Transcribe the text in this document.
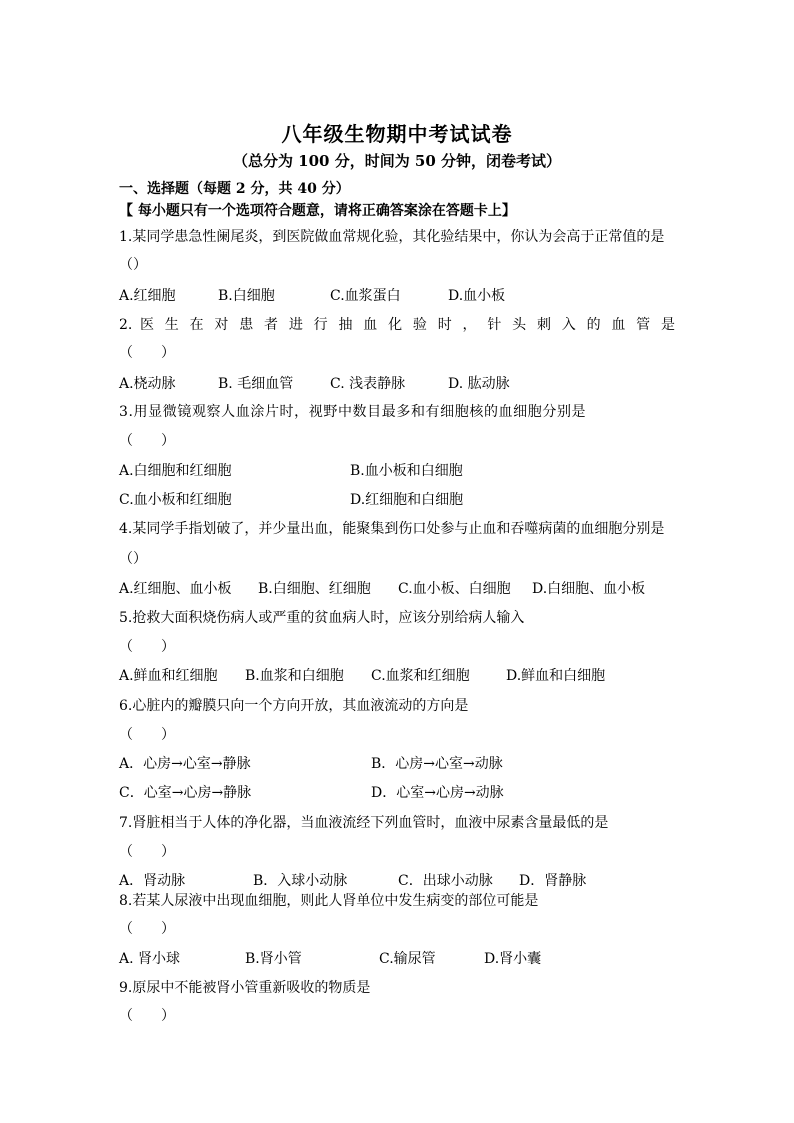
八年级生物期中考试试卷
（总分为 100 分，时间为 50 分钟，闭卷考试）
一、选择题（每题 2 分，共 40 分）
【 每小题只有一个选项符合题意，请将正确答案涂在答题卡上】
1.某同学患急性阑尾炎，到医院做血常规化验，其化验结果中，你认为会高于正常值的是
（）
A.红细胞	B.白细胞	C.血浆蛋白	D.血小板
2. 医 生 在 对 患 者 进 行 抽 血 化 验 时 ， 针 头 刺 入 的 血 管 是
（　　）
A.桡动脉	B. 毛细血管	C. 浅表静脉	D. 肱动脉
3.用显微镜观察人血涂片时，视野中数目最多和有细胞核的血细胞分别是
（　　）
A.白细胞和红细胞	B.血小板和白细胞
C.血小板和红细胞	D.红细胞和白细胞
4.某同学手指划破了，并少量出血，能聚集到伤口处参与止血和吞噬病菌的血细胞分别是
（）
A.红细胞、血小板 B.白细胞、红细胞 C.血小板、白细胞 D.白细胞、血小板
5.抢救大面积烧伤病人或严重的贫血病人时，应该分别给病人输入
（　　）
A.鲜血和红细胞 B.血浆和白细胞 C.血浆和红细胞	D.鲜血和白细胞
6.心脏内的瓣膜只向一个方向开放，其血液流动的方向是
（　　）
A．心房→心室→静脉	B．心房→心室→动脉
C．心室→心房→静脉	D．心室→心房→动脉
7.肾脏相当于人体的净化器，当血液流经下列血管时，血液中尿素含量最低的是
（　　）
A．肾动脉	B．入球小动脉	C．出球小动脉 D．肾静脉
8.若某人尿液中出现血细胞，则此人肾单位中发生病变的部位可能是
（　　）
A. 肾小球	B.肾小管	C.输尿管	D.肾小囊
9.原尿中不能被肾小管重新吸收的物质是
（　　）
